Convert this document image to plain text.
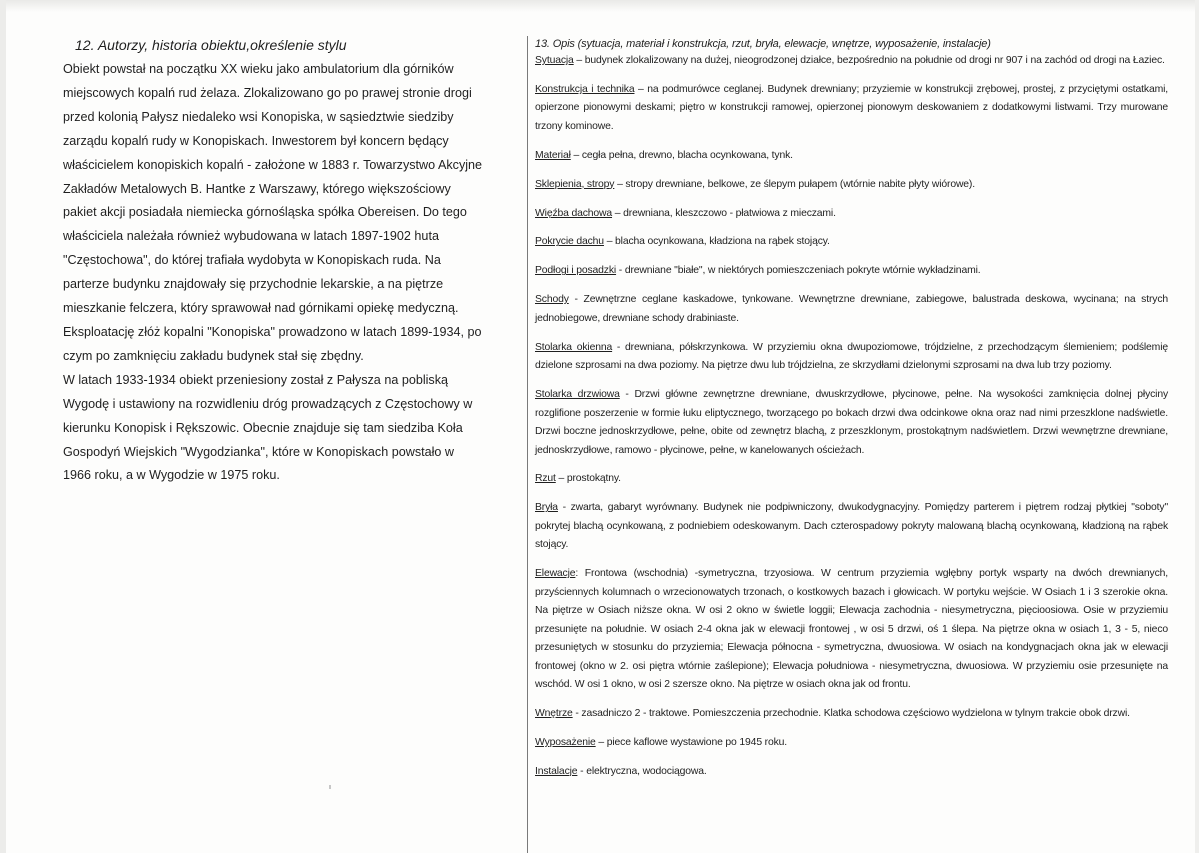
12. Autorzy, historia obiektu,określenie stylu

Obiekt powstał na początku XX wieku jako ambulatorium dla górników miejscowych kopalń rud żelaza. Zlokalizowano go po prawej stronie drogi przed kolonią Pałysz niedaleko wsi Konopiska, w sąsiedztwie siedziby zarządu kopalń rudy w Konopiskach. Inwestorem był koncern będący właścicielem konopiskich kopalń - założone w 1883 r. Towarzystwo Akcyjne Zakładów Metalowych B. Hantke z Warszawy, którego większościowy pakiet akcji posiadała niemiecka górnośląska spółka Obereisen. Do tego właściciela należała również wybudowana w latach 1897-1902 huta "Częstochowa", do której trafiała wydobyta w Konopiskach ruda. Na parterze budynku znajdowały się przychodnie lekarskie, a na piętrze mieszkanie felczera, który sprawował nad górnikami opiekę medyczną.

Eksploatację złóż kopalni "Konopiska" prowadzono w latach 1899-1934, po czym po zamknięciu zakładu budynek stał się zbędny.

W latach 1933-1934 obiekt przeniesiony został z Pałysza na pobliską Wygodę i ustawiony na rozwidleniu dróg prowadzących z Częstochowy w kierunku Konopisk i Rększowic. Obecnie znajduje się tam siedziba Koła Gospodyń Wiejskich "Wygodzianka", które w Konopiskach powstało w 1966 roku, a w Wygodzie w 1975 roku.

13. Opis (sytuacja, materiał i konstrukcja, rzut, bryła, elewacje, wnętrze, wyposażenie, instalacje)
Sytuacja – budynek zlokalizowany na dużej, nieogrodzonej działce, bezpośrednio na południe od drogi nr 907 i na zachód od drogi na Łaziec.
Konstrukcja i technika – na podmurówce ceglanej. Budynek drewniany; przyziemie w konstrukcji zrębowej, prostej, z przyciętymi ostatkami, opierzone pionowymi deskami; piętro w konstrukcji ramowej, opierzonej pionowym deskowaniem z dodatkowymi listwami. Trzy murowane trzony kominowe.
Materiał – cegła pełna, drewno, blacha ocynkowana, tynk.
Sklepienia, stropy – stropy drewniane, belkowe, ze ślepym pułapem (wtórnie nabite płyty wiórowe).
Więźba dachowa – drewniana, kleszczowo - płatwiowa z mieczami.
Pokrycie dachu – blacha ocynkowana, kładziona na rąbek stojący.
Podłogi i posadzki - drewniane "białe", w niektórych pomieszczeniach pokryte wtórnie wykładzinami.
Schody - Zewnętrzne ceglane kaskadowe, tynkowane. Wewnętrzne drewniane, zabiegowe, balustrada deskowa, wycinana; na strych jednobiegowe, drewniane schody drabiniaste.
Stolarka okienna - drewniana, półskrzynkowa. W przyziemiu okna dwupoziomowe, trójdzielne, z przechodzącym ślemieniem; podślemię dzielone szprosami na dwa poziomy. Na piętrze dwu lub trójdzielna, ze skrzydłami dzielonymi szprosami na dwa lub trzy poziomy.
Stolarka drzwiowa - Drzwi główne zewnętrzne drewniane, dwuskrzydłowe, płycinowe, pełne. Na wysokości zamknięcia dolnej płyciny rozglifione poszerzenie w formie łuku eliptycznego, tworzącego po bokach drzwi dwa odcinkowe okna oraz nad nimi przeszklone nadświetle. Drzwi boczne jednoskrzydłowe, pełne, obite od zewnętrz blachą, z przeszklonym, prostokątnym nadświetlem. Drzwi wewnętrzne drewniane, jednoskrzydłowe, ramowo - płycinowe, pełne, w kanelowanych ościeżach.
Rzut – prostokątny.
Bryła - zwarta, gabaryt wyrównany. Budynek nie podpiwniczony, dwukodygnacyjny. Pomiędzy parterem i piętrem rodzaj płytkiej "soboty" pokrytej blachą ocynkowaną, z podniebiem odeskowanym. Dach czterospadowy pokryty malowaną blachą ocynkowaną, kładzioną na rąbek stojący.
Elewacje: Frontowa (wschodnia) -symetryczna, trzyosiowa. W centrum przyziemia wgłębny portyk wsparty na dwóch drewnianych, przyściennych kolumnach o wrzecionowatych trzonach, o kostkowych bazach i głowicach. W portyku wejście. W Osiach 1 i 3 szerokie okna. Na piętrze w Osiach niższe okna. W osi 2 okno w świetle loggii; Elewacja zachodnia - niesymetryczna, pięcioosiowa. Osie w przyziemiu przesunięte na południe. W osiach 2-4 okna jak w elewacji frontowej , w osi 5 drzwi, oś 1 ślepa. Na piętrze okna w osiach 1, 3 - 5, nieco przesuniętych w stosunku do przyziemia; Elewacja północna - symetryczna, dwuosiowa. W osiach na kondygnacjach okna jak w elewacji frontowej (okno w 2. osi piętra wtórnie zaślepione); Elewacja południowa - niesymetryczna, dwuosiowa. W przyziemiu osie przesunięte na wschód. W osi 1 okno, w osi 2 szersze okno. Na piętrze w osiach okna jak od frontu.
Wnętrze - zasadniczo 2 - traktowe. Pomieszczenia przechodnie. Klatka schodowa częściowo wydzielona w tylnym trakcie obok drzwi.
Wyposażenie – piece kaflowe wystawione po 1945 roku.
Instalacje - elektryczna, wodociągowa.
